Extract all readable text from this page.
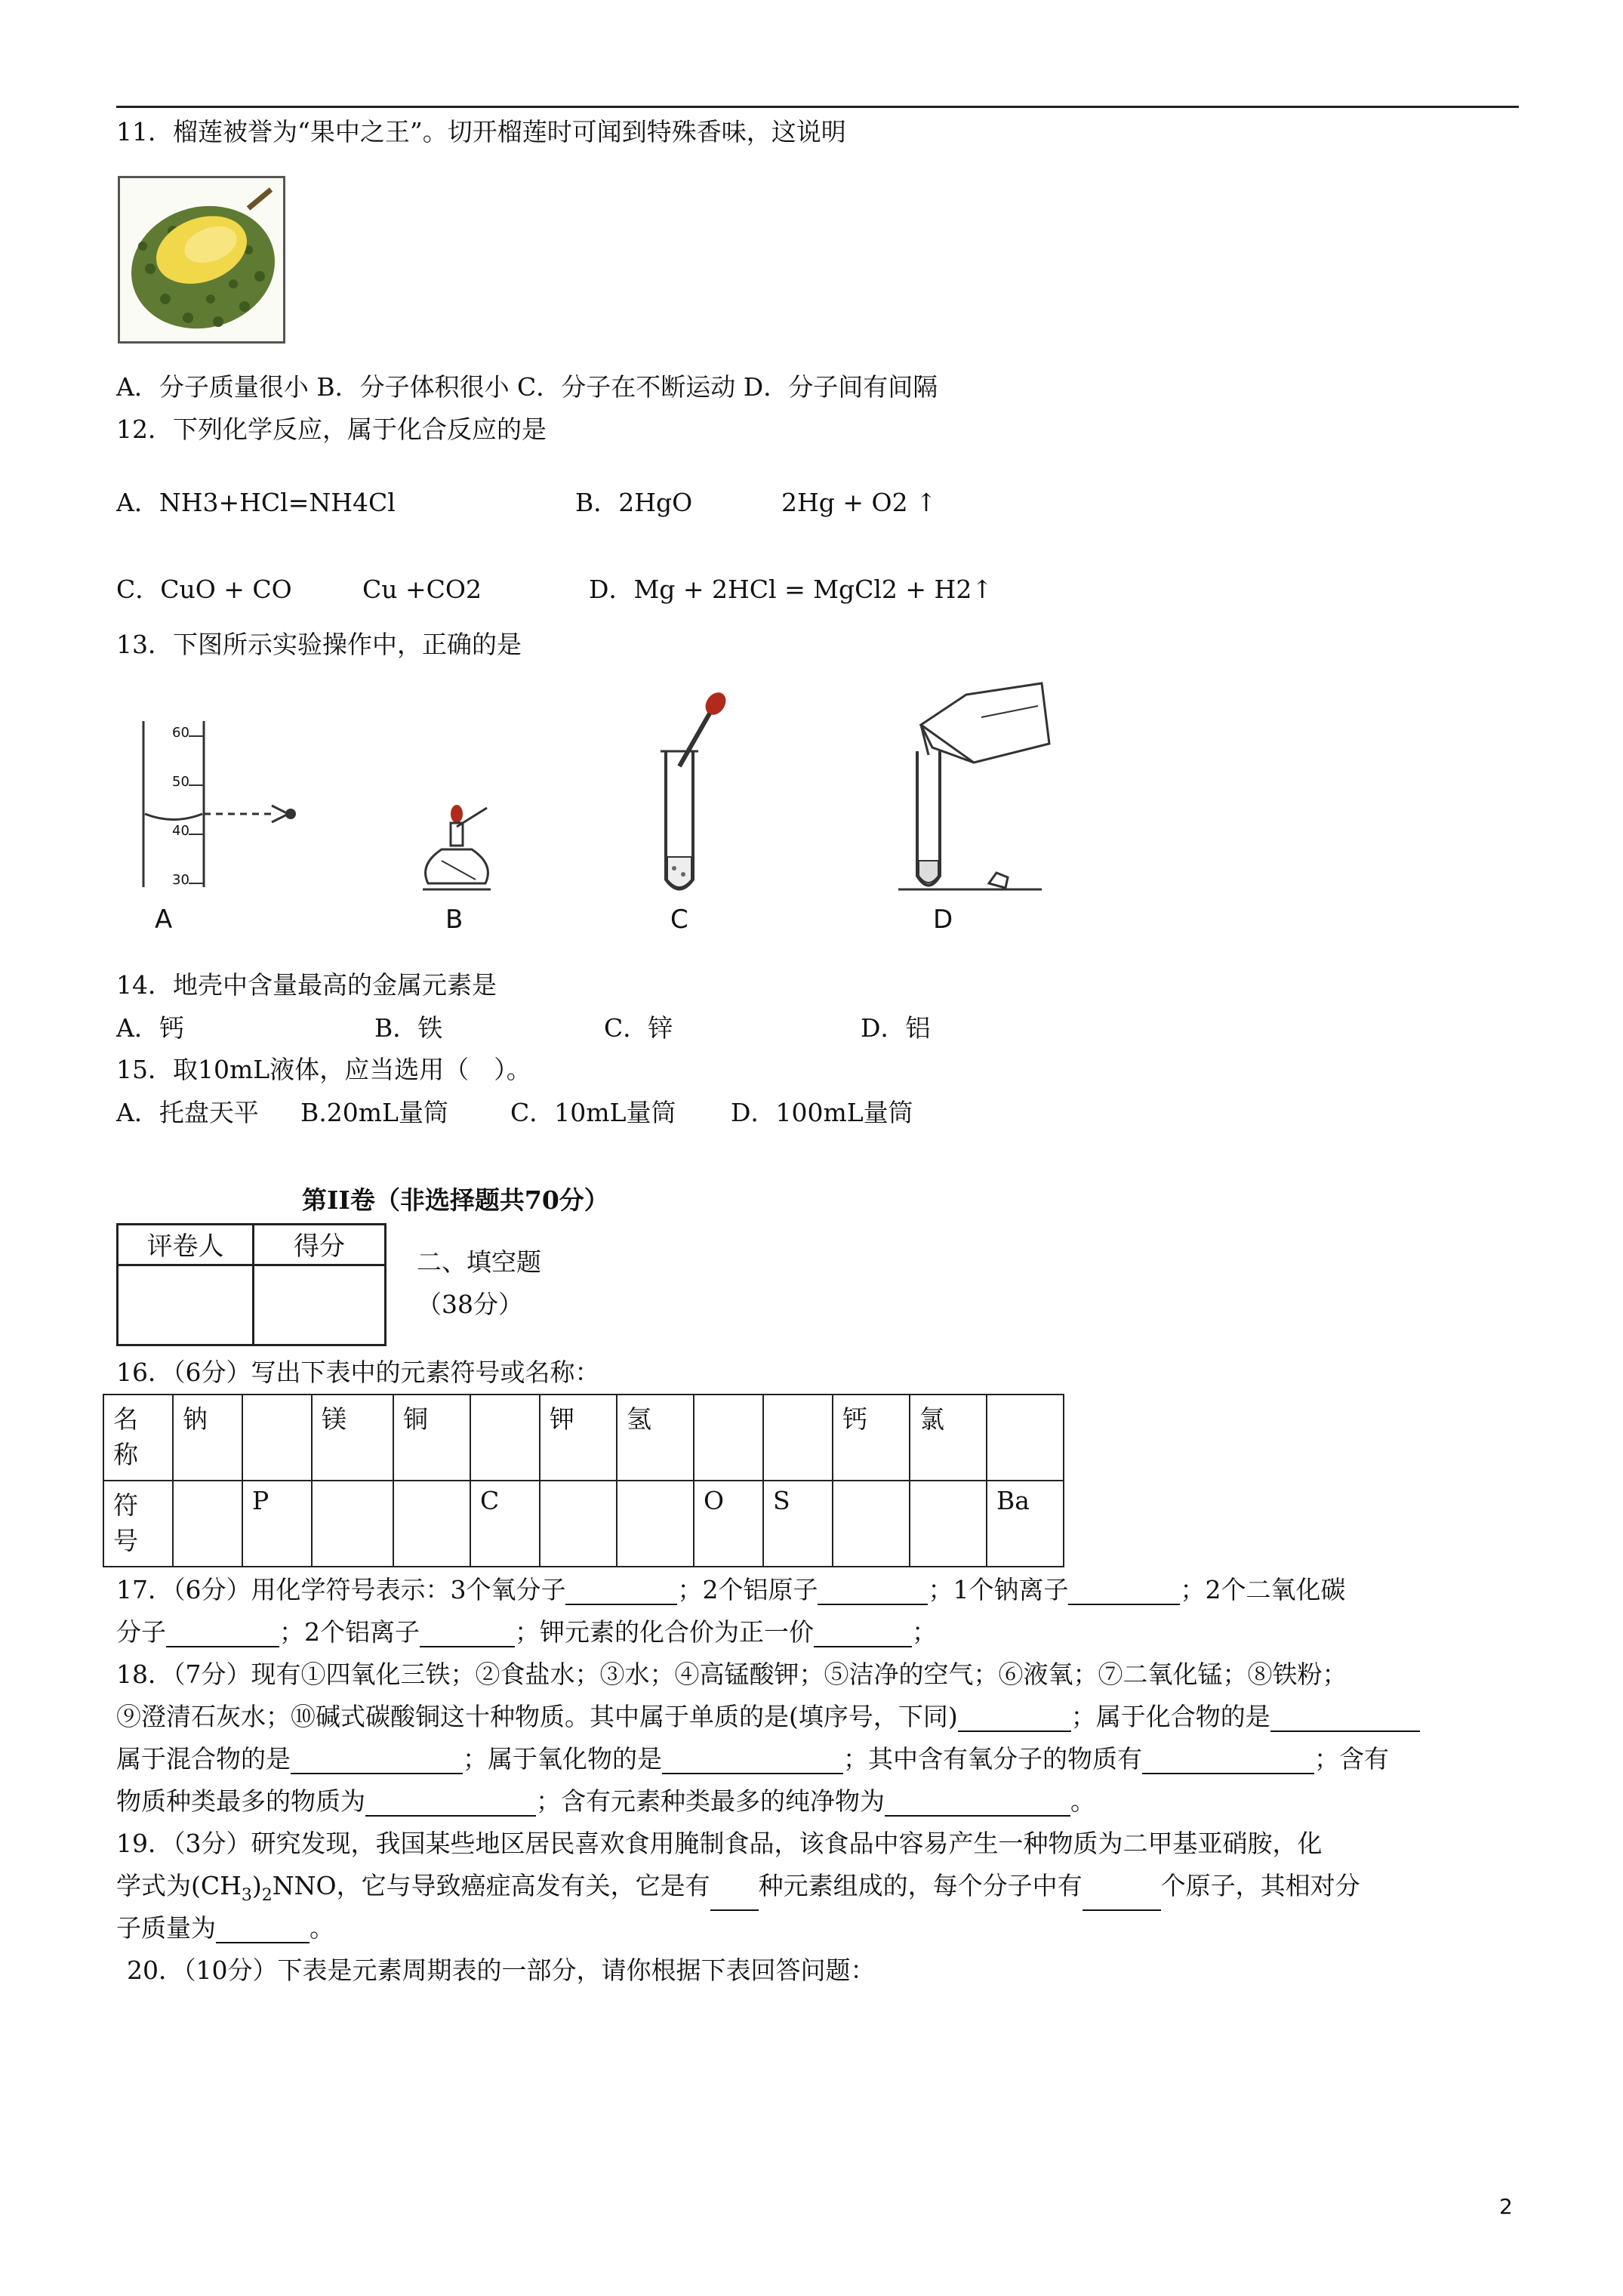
11．榴莲被誉为“果中之王”。切开榴莲时可闻到特殊香味，这说明
A．分子质量很小 B．分子体积很小 C．分子在不断运动 D．分子间有间隔
12．下列化学反应，属于化合反应的是
A．NH3+HCl=NH4Cl	B．2HgO	2Hg + O2 ↑
C．CuO + CO	Cu +CO2	D．Mg + 2HCl = MgCl2 + H2↑
13．下图所示实验操作中，正确的是
60
50
40
30
A	B	C	D
14．地壳中含量最高的金属元素是
A．钙	B．铁	C．锌	D．铝
15．取10mL液体，应当选用（　）。
A．托盘天平 B.20mL量筒 C．10mL量筒 D．100mL量筒
第II卷（非选择题共70分）
评卷人	得分

二、填空题
（38分）
16．（6分）写出下表中的元素符号或名称：
名
称	钠		镁	铜		钾	氢			钙	氯	
符
号		P			C			O	S			Ba
17．（6分）用化学符号表示：3个氧分子	；2个铝原子	；1个钠离子	；2个二氧化碳
分子	；2个铝离子	；钾元素的化合价为正一价	；
18．（7分）现有①四氧化三铁；②食盐水；③水；④高锰酸钾；⑤洁净的空气；⑥液氧；⑦二氧化锰；⑧铁粉；
⑨澄清石灰水；⑩碱式碳酸铜这十种物质。其中属于单质的是(填序号，下同)	；属于化合物的是
属于混合物的是	；属于氧化物的是	；其中含有氧分子的物质有	；含有
物质种类最多的物质为	；含有元素种类最多的纯净物为	。
19．（3分）研究发现，我国某些地区居民喜欢食用腌制食品，该食品中容易产生一种物质为二甲基亚硝胺，化
学式为$(CH_3)_2NNO$，它与导致癌症高发有关，它是有 种元素组成的，每个分子中有	个原子，其相对分
子质量为	。
20．（10分）下表是元素周期表的一部分，请你根据下表回答问题：
2
